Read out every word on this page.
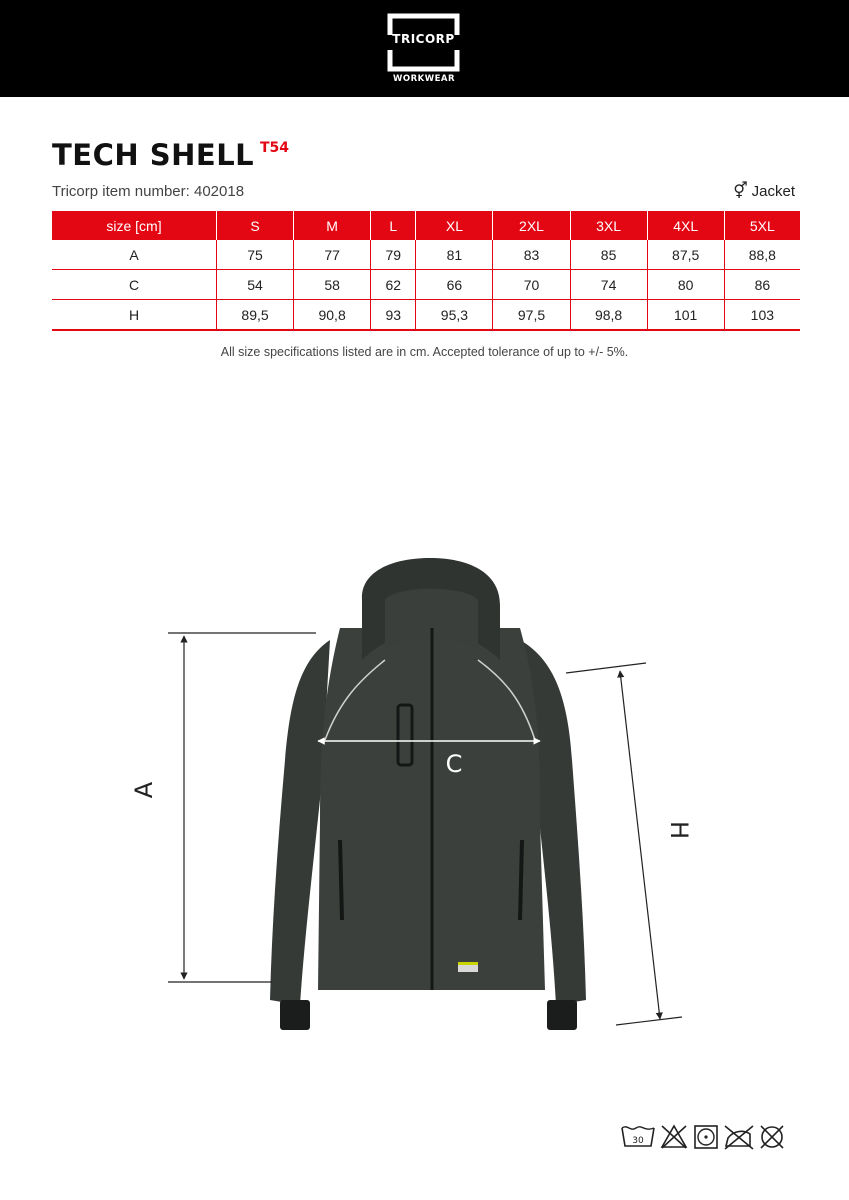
TRICORP
WORKWEAR
TECH SHELL T54
Tricorp item number: 402018	⚥ Jacket
size [cm]	S	M	L	XL	2XL	3XL	4XL	5XL
A	75	77	79	81	83	85	87,5	88,8
C	54	58	62	66	70	74	80	86
H	89,5	90,8	93	95,3	97,5	98,8	101	103
All size specifications listed are in cm. Accepted tolerance of up to +/- 5%.
A
C
H
30
